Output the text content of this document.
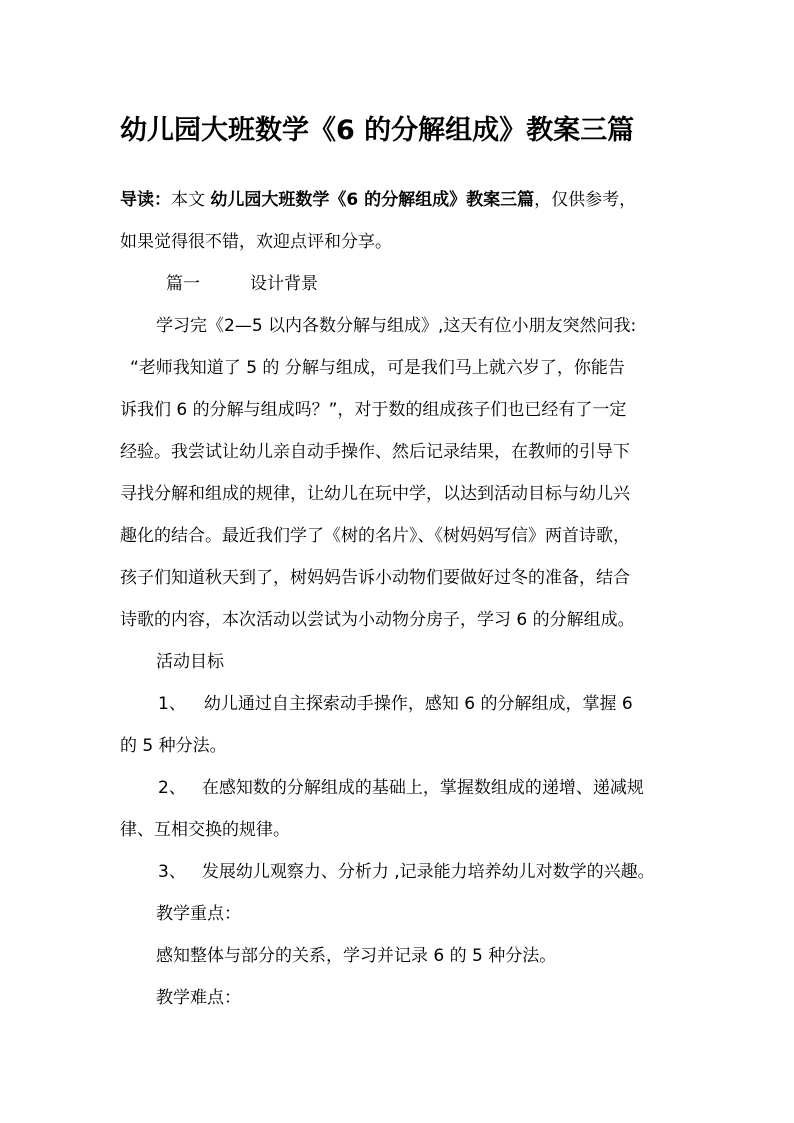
幼儿园大班数学《6 的分解组成》教案三篇
导读：本文 幼儿园大班数学《6 的分解组成》教案三篇，仅供参考，
如果觉得很不错，欢迎点评和分享。
篇一	设计背景
学习完《2—5 以内各数分解与组成》,这天有位小朋友突然问我:
“老师我知道了 5 的 分解与组成，可是我们马上就六岁了，你能告
诉我们 6 的分解与组成吗？”，对于数的组成孩子们也已经有了一定
经验。我尝试让幼儿亲自动手操作、然后记录结果，在教师的引导下
寻找分解和组成的规律，让幼儿在玩中学，以达到活动目标与幼儿兴
趣化的结合。最近我们学了《树的名片》、《树妈妈写信》两首诗歌，
孩子们知道秋天到了，树妈妈告诉小动物们要做好过冬的准备，结合
诗歌的内容，本次活动以尝试为小动物分房子，学习 6 的分解组成。
活动目标
1、 幼儿通过自主探索动手操作，感知 6 的分解组成，掌握 6
的 5 种分法。
2、 在感知数的分解组成的基础上，掌握数组成的递增、递减规
律、互相交换的规律。
3、 发展幼儿观察力、分析力 ,记录能力培养幼儿对数学的兴趣。
教学重点：
感知整体与部分的关系，学习并记录 6 的 5 种分法。
教学难点：
